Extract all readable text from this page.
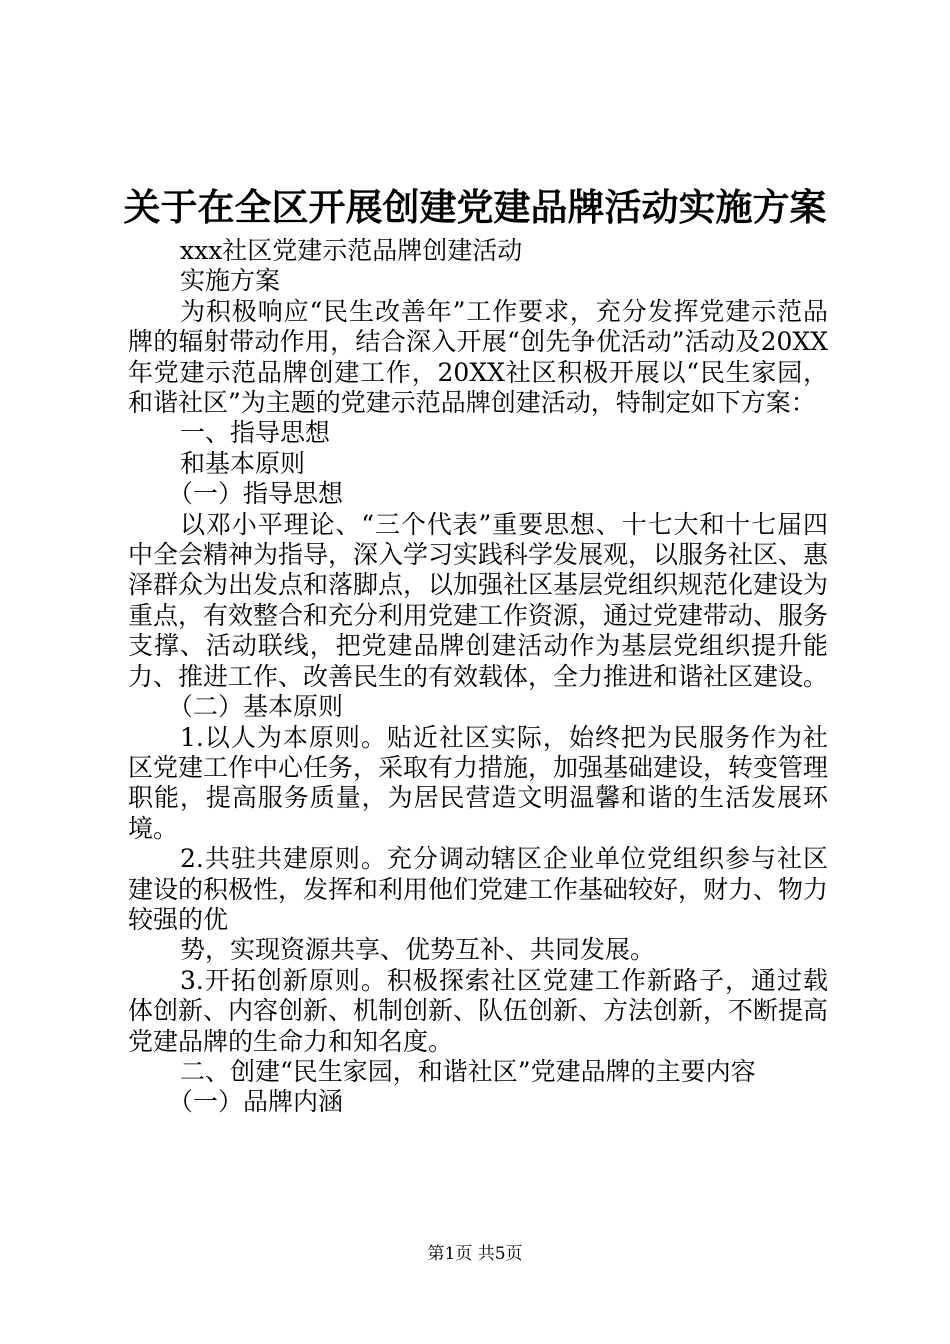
关于在全区开展创建党建品牌活动实施方案

xxx社区党建示范品牌创建活动

实施方案

为积极响应“民生改善年”工作要求，充分发挥党建示范品牌的辐射带动作用，结合深入开展“创先争优活动”活动及20XX年党建示范品牌创建工作，20XX社区积极开展以“民生家园，和谐社区”为主题的党建示范品牌创建活动，特制定如下方案：

一、指导思想

和基本原则

（一）指导思想

以邓小平理论、“三个代表”重要思想、十七大和十七届四中全会精神为指导，深入学习实践科学发展观，以服务社区、惠泽群众为出发点和落脚点，以加强社区基层党组织规范化建设为重点，有效整合和充分利用党建工作资源，通过党建带动、服务支撑、活动联线，把党建品牌创建活动作为基层党组织提升能力、推进工作、改善民生的有效载体，全力推进和谐社区建设。

（二）基本原则

1.以人为本原则。贴近社区实际，始终把为民服务作为社区党建工作中心任务，采取有力措施，加强基础建设，转变管理职能，提高服务质量，为居民营造文明温馨和谐的生活发展环境。

2.共驻共建原则。充分调动辖区企业单位党组织参与社区建设的积极性，发挥和利用他们党建工作基础较好，财力、物力较强的优

势，实现资源共享、优势互补、共同发展。

3.开拓创新原则。积极探索社区党建工作新路子，通过载体创新、内容创新、机制创新、队伍创新、方法创新，不断提高党建品牌的生命力和知名度。

二、创建“民生家园，和谐社区”党建品牌的主要内容

（一）品牌内涵

第1页 共5页
